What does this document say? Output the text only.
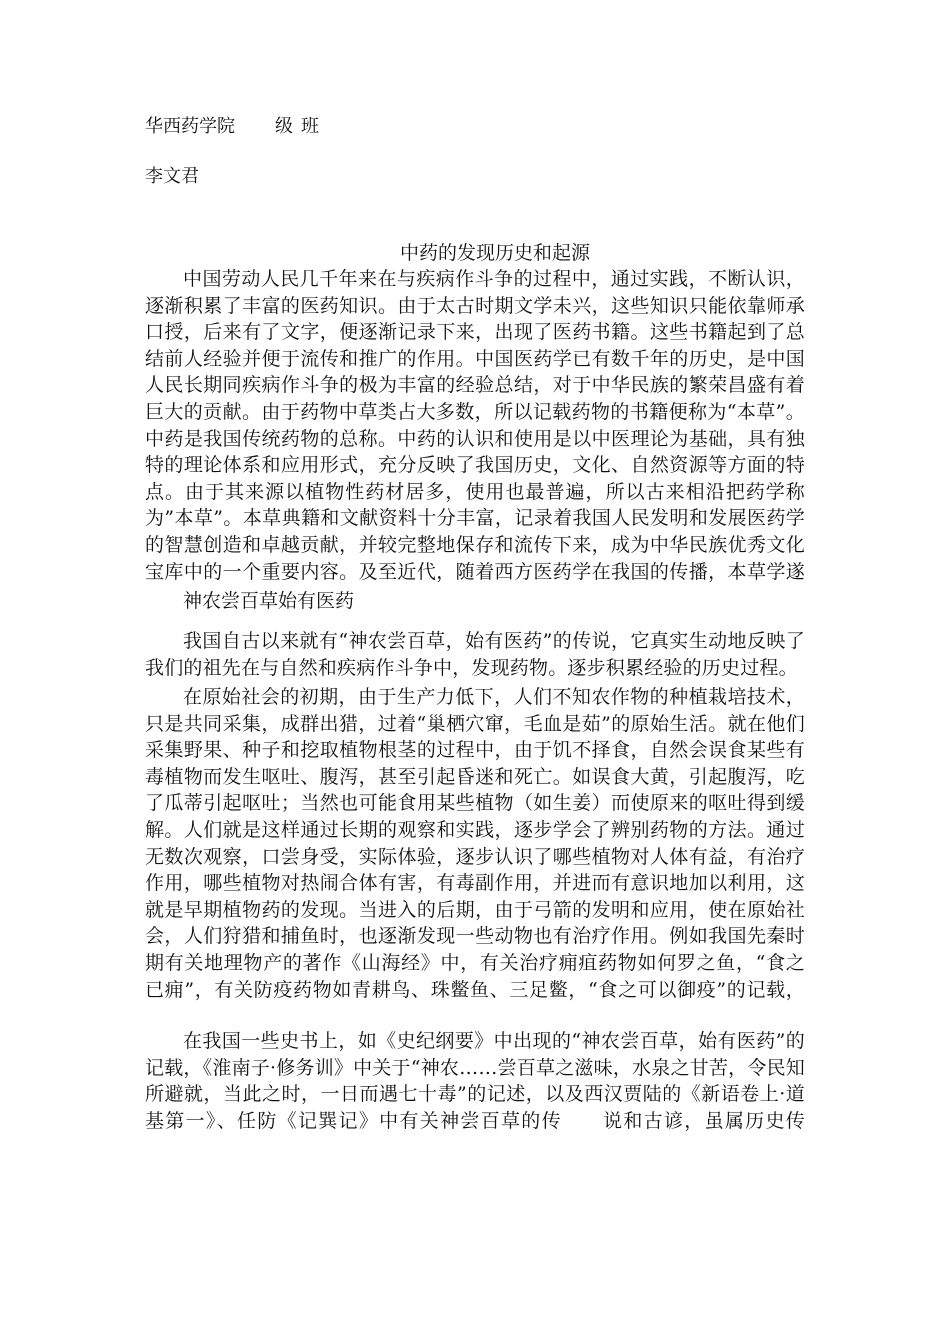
华西药学院 级 班
李文君
中药的发现历史和起源
中国劳动人民几千年来在与疾病作斗争的过程中，通过实践，不断认识，逐渐积累了丰富的医药知识。由于太古时期文学未兴，这些知识只能依靠师承口授，后来有了文字，便逐渐记录下来，出现了医药书籍。这些书籍起到了总结前人经验并便于流传和推广的作用。中国医药学已有数千年的历史，是中国人民长期同疾病作斗争的极为丰富的经验总结，对于中华民族的繁荣昌盛有着巨大的贡献。由于药物中草类占大多数，所以记载药物的书籍便称为“本草”。中药是我国传统药物的总称。中药的认识和使用是以中医理论为基础，具有独特的理论体系和应用形式，充分反映了我国历史，文化、自然资源等方面的特点。由于其来源以植物性药材居多，使用也最普遍，所以古来相沿把药学称为”本草”。本草典籍和文献资料十分丰富，记录着我国人民发明和发展医药学的智慧创造和卓越贡献，并较完整地保存和流传下来，成为中华民族优秀文化宝库中的一个重要内容。及至近代，随着西方医药学在我国的传播，本草学遂
神农尝百草始有医药
我国自古以来就有“神农尝百草，始有医药”的传说，它真实生动地反映了我们的祖先在与自然和疾病作斗争中，发现药物。逐步积累经验的历史过程。
在原始社会的初期，由于生产力低下，人们不知农作物的种植栽培技术，只是共同采集，成群出猎，过着“巢栖穴窜，毛血是茹”的原始生活。就在他们采集野果、种子和挖取植物根茎的过程中，由于饥不择食，自然会误食某些有毒植物而发生呕吐、腹泻，甚至引起昏迷和死亡。如误食大黄，引起腹泻，吃了瓜蒂引起呕吐；当然也可能食用某些植物（如生姜）而使原来的呕吐得到缓解。人们就是这样通过长期的观察和实践，逐步学会了辨别药物的方法。通过无数次观察，口尝身受，实际体验，逐步认识了哪些植物对人体有益，有治疗作用，哪些植物对热闹合体有害，有毒副作用，并进而有意识地加以利用，这就是早期植物药的发现。当进入的后期，由于弓箭的发明和应用，使在原始社会，人们狩猎和捕鱼时，也逐渐发现一些动物也有治疗作用。例如我国先秦时期有关地理物产的著作《山海经》中，有关治疗痈疽药物如何罗之鱼，“食之已痈”，有关防疫药物如青耕鸟、珠鳖鱼、三足鳖，“食之可以御疫”的记载，
在我国一些史书上，如《史纪纲要》中出现的“神农尝百草，始有医药”的记载，《淮南子·修务训》中关于“神农……尝百草之滋味，水泉之甘苦，令民知所避就，当此之时，一日而遇七十毒”的记述，以及西汉贾陆的《新语卷上·道基第一》、任防《记巽记》中有关神尝百草的传 说和古谚，虽属历史传
